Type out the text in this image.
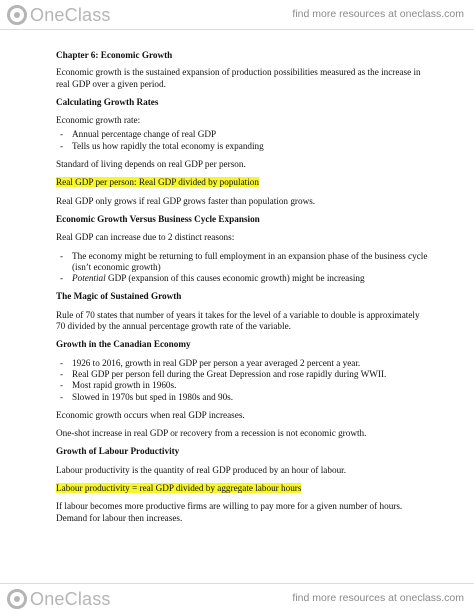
OneClass	find more resources at oneclass.com
Chapter 6: Economic Growth
Economic growth is the sustained expansion of production possibilities measured as the increase in real GDP over a given period.
Calculating Growth Rates
Economic growth rate:
- Annual percentage change of real GDP
- Tells us how rapidly the total economy is expanding
Standard of living depends on real GDP per person.
Real GDP per person: Real GDP divided by population
Real GDP only grows if real GDP grows faster than population grows.
Economic Growth Versus Business Cycle Expansion
Real GDP can increase due to 2 distinct reasons:
- The economy might be returning to full employment in an expansion phase of the business cycle (isn’t economic growth)
- Potential GDP (expansion of this causes economic growth) might be increasing
The Magic of Sustained Growth
Rule of 70 states that number of years it takes for the level of a variable to double is approximately 70 divided by the annual percentage growth rate of the variable.
Growth in the Canadian Economy
- 1926 to 2016, growth in real GDP per person a year averaged 2 percent a year.
- Real GDP per person fell during the Great Depression and rose rapidly during WWII.
- Most rapid growth in 1960s.
- Slowed in 1970s but sped in 1980s and 90s.
Economic growth occurs when real GDP increases.
One-shot increase in real GDP or recovery from a recession is not economic growth.
Growth of Labour Productivity
Labour productivity is the quantity of real GDP produced by an hour of labour.
Labour productivity = real GDP divided by aggregate labour hours
If labour becomes more productive firms are willing to pay more for a given number of hours.
Demand for labour then increases.
OneClass	find more resources at oneclass.com
